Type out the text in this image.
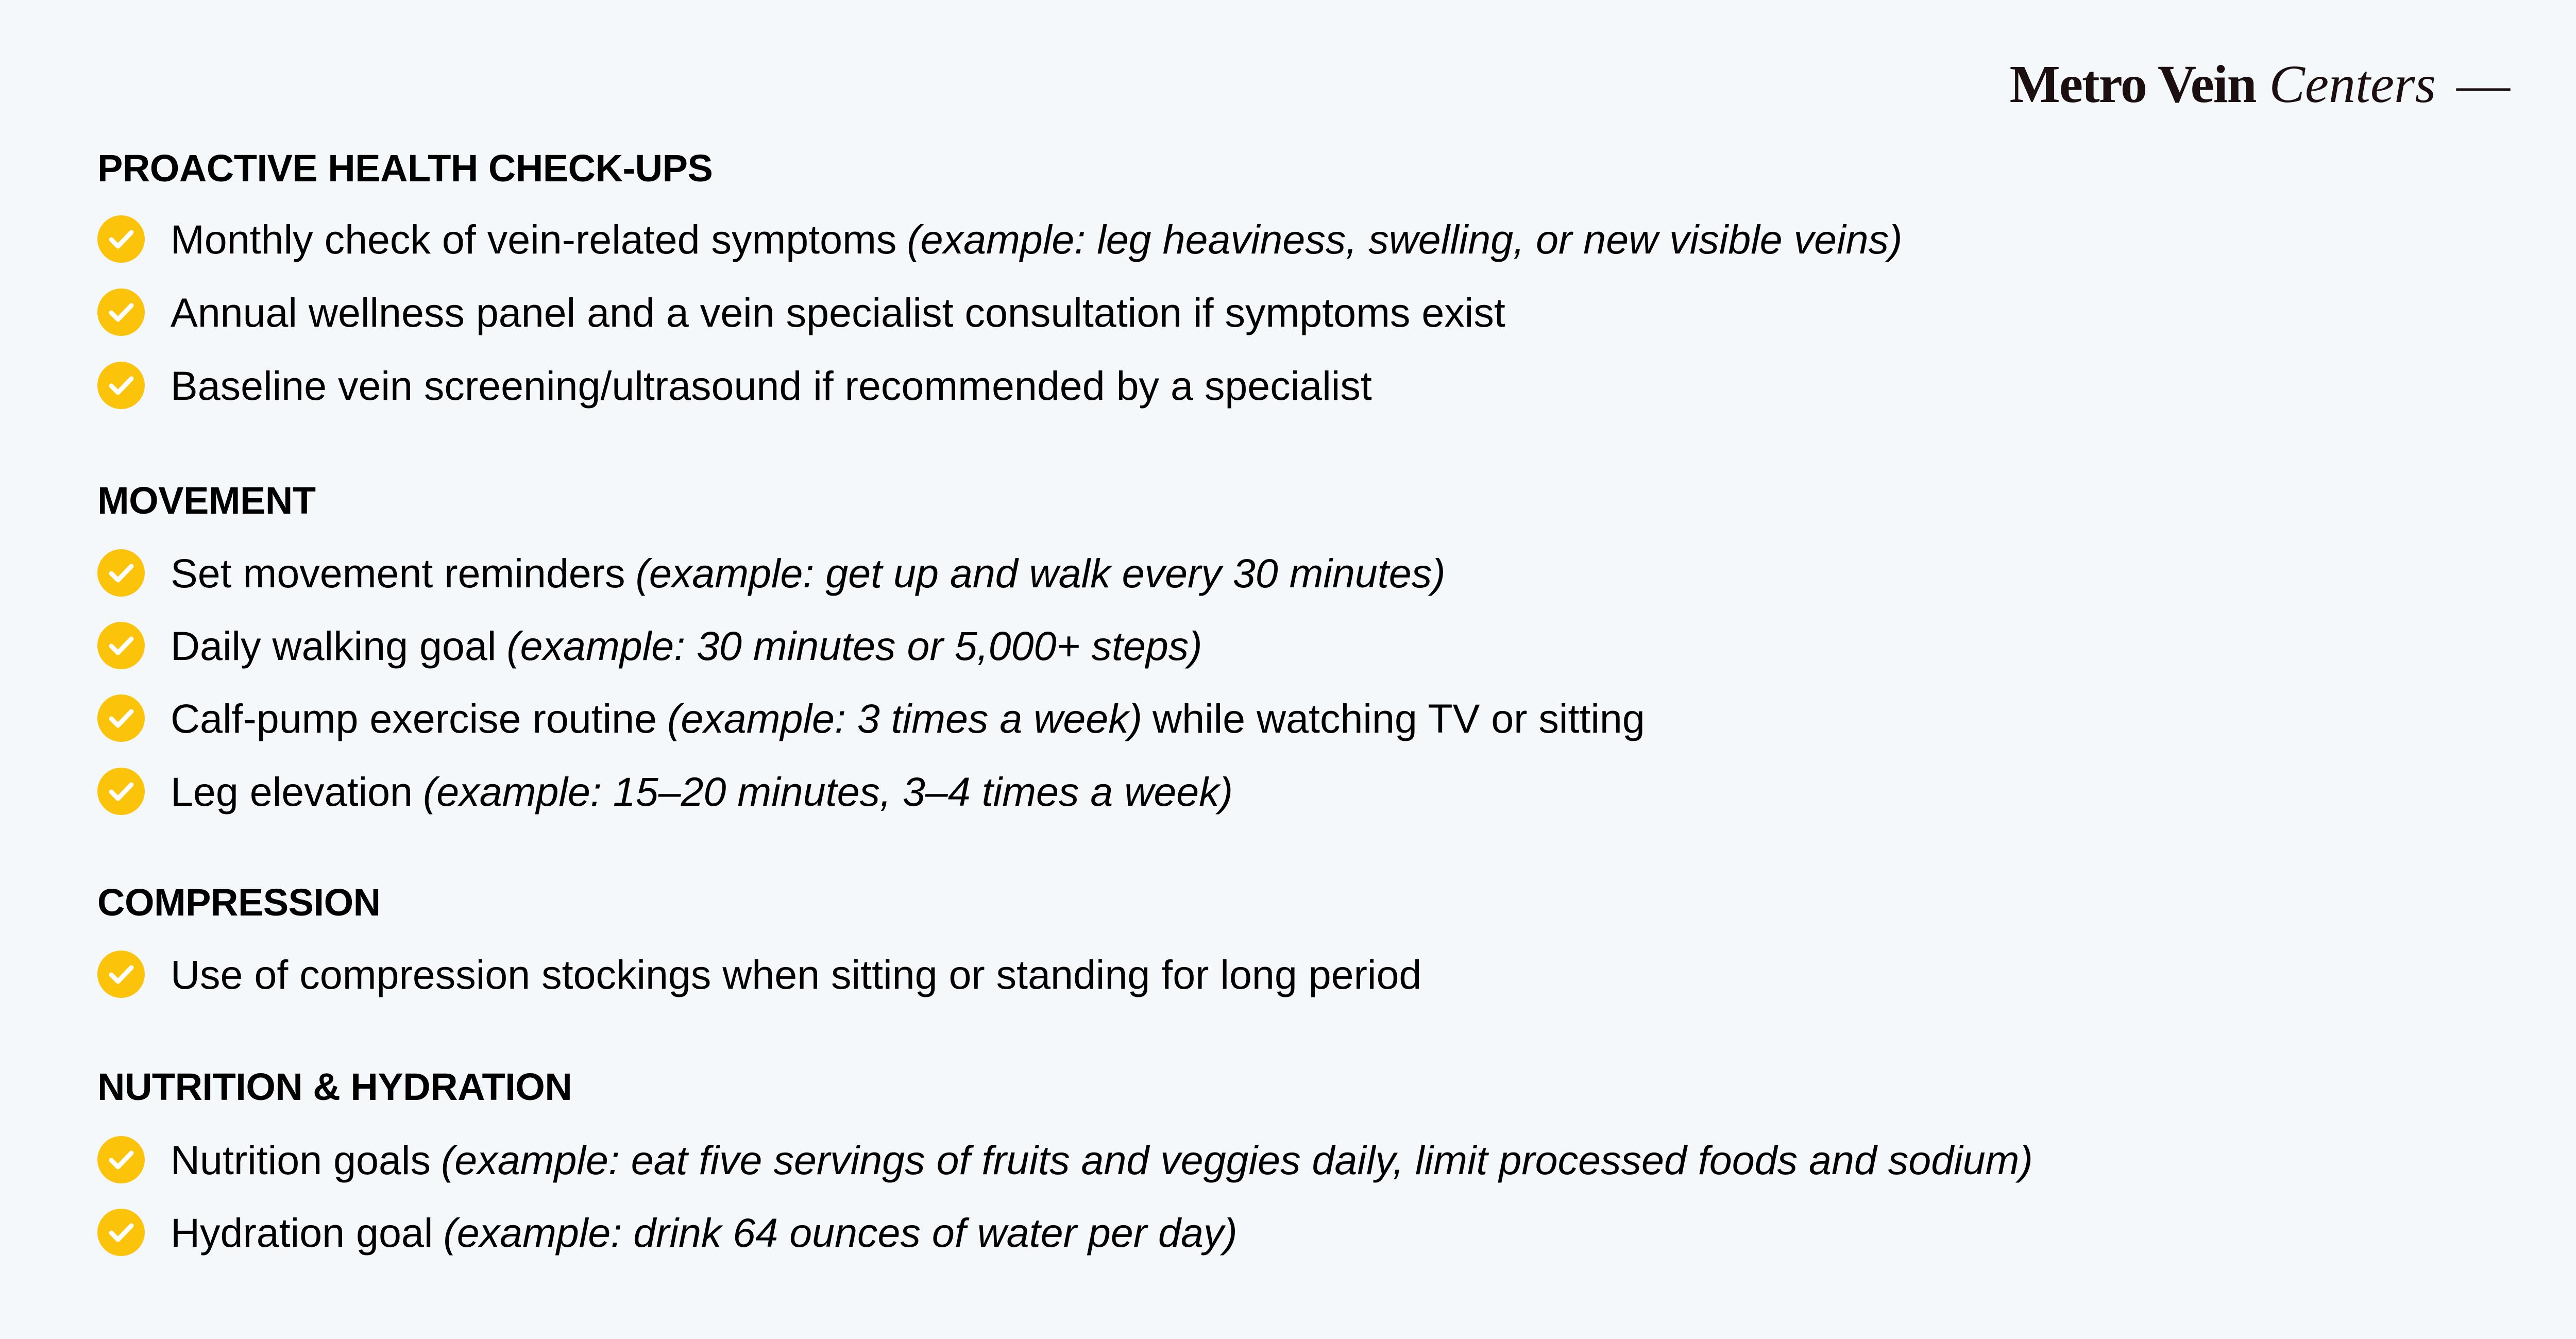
Metro Vein Centers —
PROACTIVE HEALTH CHECK-UPS
Monthly check of vein-related symptoms (example: leg heaviness, swelling, or new visible veins)
Annual wellness panel and a vein specialist consultation if symptoms exist
Baseline vein screening/ultrasound if recommended by a specialist
MOVEMENT
Set movement reminders (example: get up and walk every 30 minutes)
Daily walking goal (example: 30 minutes or 5,000+ steps)
Calf-pump exercise routine (example: 3 times a week) while watching TV or sitting
Leg elevation (example: 15–20 minutes, 3–4 times a week)
COMPRESSION
Use of compression stockings when sitting or standing for long period
NUTRITION & HYDRATION
Nutrition goals (example: eat five servings of fruits and veggies daily, limit processed foods and sodium)
Hydration goal (example: drink 64 ounces of water per day)
